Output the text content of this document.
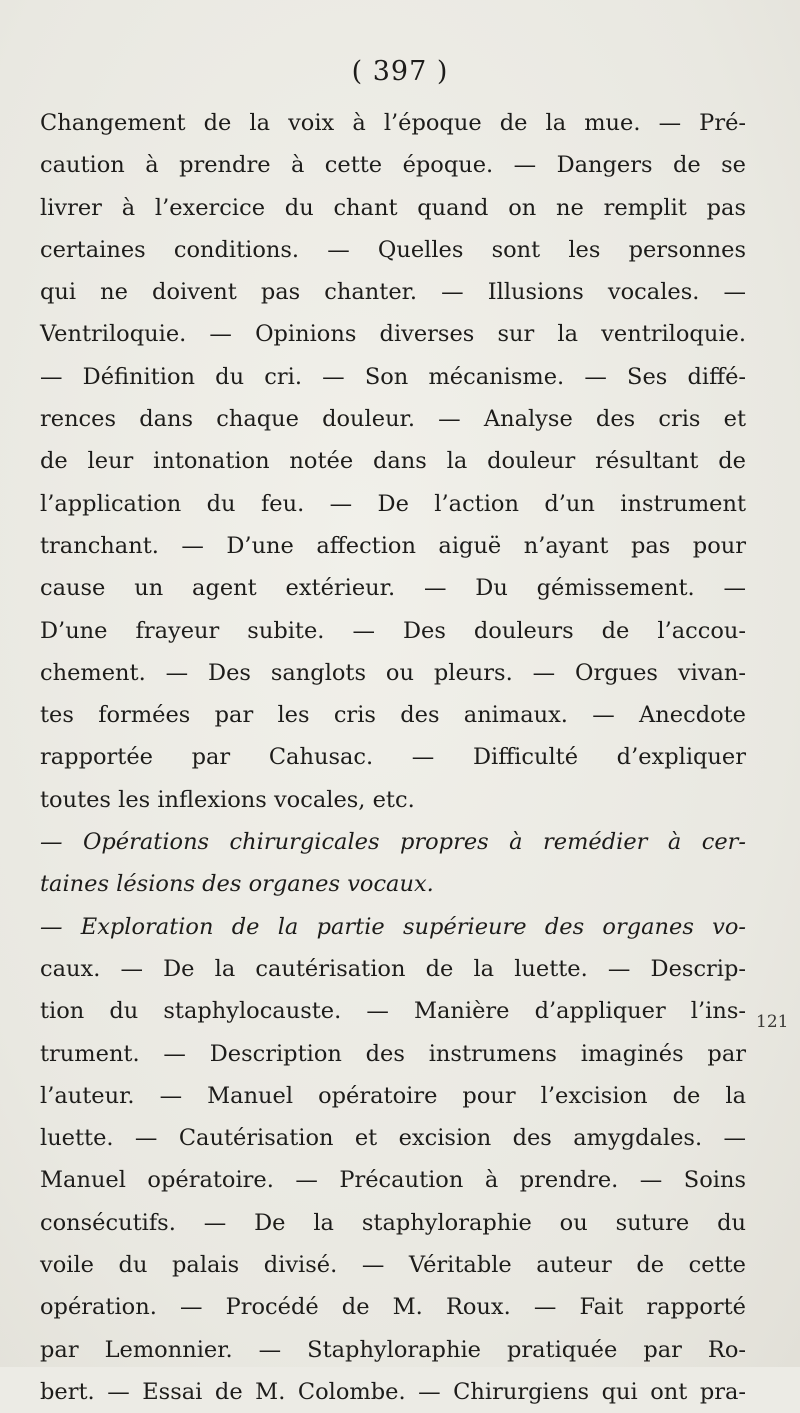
( 397 )
121
Changement de la voix à l’époque de la mue. — Pré-
caution à prendre à cette époque. — Dangers de se
livrer à l’exercice du chant quand on ne remplit pas
certaines conditions. — Quelles sont les personnes
qui ne doivent pas chanter. — Illusions vocales. —
Ventriloquie. — Opinions diverses sur la ventriloquie.
— Définition du cri. — Son mécanisme. — Ses diffé-
rences dans chaque douleur. — Analyse des cris et
de leur intonation notée dans la douleur résultant de
l’application du feu. — De l’action d’un instrument
tranchant. — D’une affection aiguë n’ayant pas pour
cause un agent extérieur. — Du gémissement. —
D’une frayeur subite. — Des douleurs de l’accou-
chement. — Des sanglots ou pleurs. — Orgues vivan-
tes formées par les cris des animaux. — Anecdote
rapportée par Cahusac. — Difficulté d’expliquer
toutes les inflexions vocales, etc.
— Opérations chirurgicales propres à remédier à cer-
taines lésions des organes vocaux.
— Exploration de la partie supérieure des organes vo-
caux. — De la cautérisation de la luette. — Descrip-
tion du staphylocauste. — Manière d’appliquer l’ins-
trument. — Description des instrumens imaginés par
l’auteur. — Manuel opératoire pour l’excision de la
luette. — Cautérisation et excision des amygdales. —
Manuel opératoire. — Précaution à prendre. — Soins
consécutifs. — De la staphyloraphie ou suture du
voile du palais divisé. — Véritable auteur de cette
opération. — Procédé de M. Roux. — Fait rapporté
par Lemonnier. — Staphyloraphie pratiquée par Ro-
bert. — Essai de M. Colombe. — Chirurgiens qui ont pra-
